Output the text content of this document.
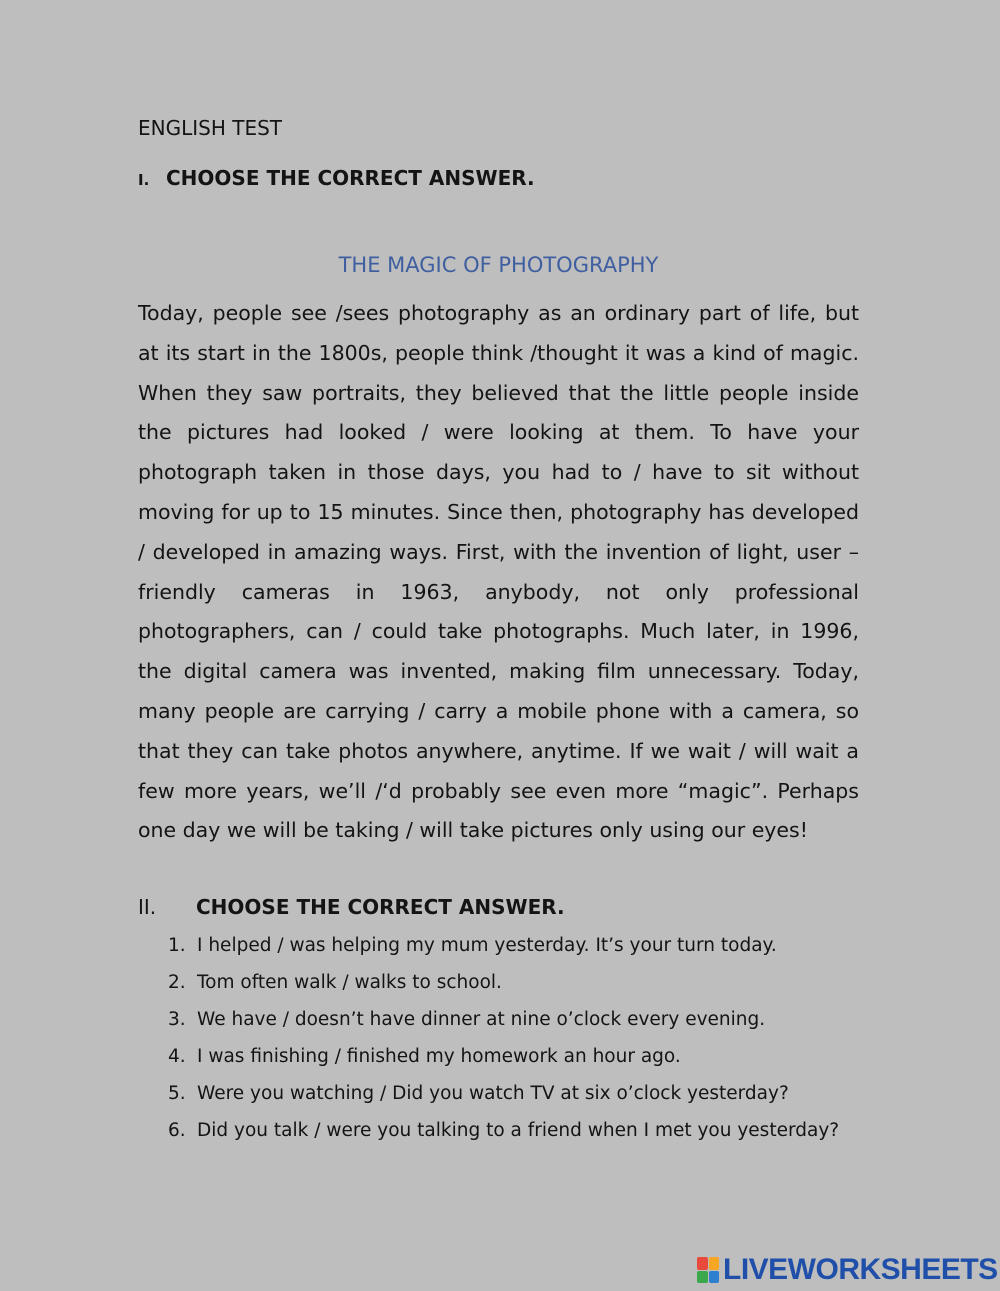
ENGLISH TEST
I. CHOOSE THE CORRECT ANSWER.
THE MAGIC OF PHOTOGRAPHY

Today, people see /sees photography as an ordinary part of life, but at its start in the 1800s, people think /thought it was a kind of magic. When they saw portraits, they believed that the little people inside the pictures had looked / were looking at them. To have your photograph taken in those days, you had to / have to sit without moving for up to 15 minutes. Since then, photography has developed / developed in amazing ways. First, with the invention of light, user – friendly cameras in 1963, anybody, not only professional photographers, can / could take photographs. Much later, in 1996, the digital camera was invented, making film unnecessary. Today, many people are carrying / carry a mobile phone with a camera, so that they can take photos anywhere, anytime. If we wait / will wait a few more years, we’ll /‘d probably see even more “magic”. Perhaps one day we will be taking / will take pictures only using our eyes!

II.	CHOOSE THE CORRECT ANSWER.
1. I helped / was helping my mum yesterday. It’s your turn today.
2. Tom often walk / walks to school.
3. We have / doesn’t have dinner at nine o’clock every evening.
4. I was finishing / finished my homework an hour ago.
5. Were you watching / Did you watch TV at six o’clock yesterday?
6. Did you talk / were you talking to a friend when I met you yesterday?
LIVEWORKSHEETS
